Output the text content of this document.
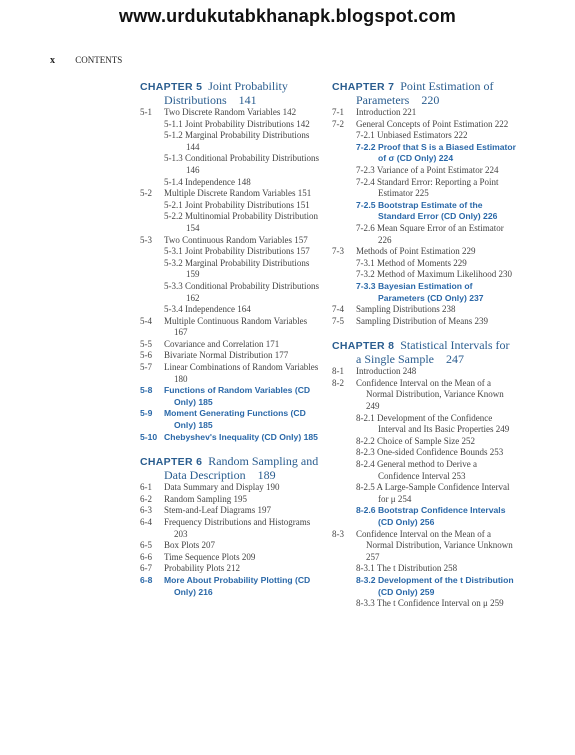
www.urdukutabkhanapk.blogspot.com
x CONTENTS
CHAPTER 5 Joint Probability Distributions   141
5-1	Two Discrete Random Variables 142
5-1.1 Joint Probability Distributions 142
5-1.2 Marginal Probability Distributions 144
5-1.3 Conditional Probability Distributions 146
5-1.4 Independence 148
5-2	Multiple Discrete Random Variables 151
5-2.1 Joint Probability Distributions 151
5-2.2 Multinomial Probability Distribution 154
5-3	Two Continuous Random Variables 157
5-3.1 Joint Probability Distributions 157
5-3.2 Marginal Probability Distributions 159
5-3.3 Conditional Probability Distributions 162
5-3.4 Independence 164
5-4	Multiple Continuous Random Variables 167
5-5	Covariance and Correlation 171
5-6	Bivariate Normal Distribution 177
5-7	Linear Combinations of Random Variables 180
5-8	Functions of Random Variables (CD Only) 185
5-9	Moment Generating Functions (CD Only) 185
5-10 Chebyshev's Inequality (CD Only) 185
CHAPTER 6 Random Sampling and Data Description   189
6-1	Data Summary and Display 190
6-2	Random Sampling 195
6-3	Stem-and-Leaf Diagrams 197
6-4	Frequency Distributions and Histograms 203
6-5	Box Plots 207
6-6	Time Sequence Plots 209
6-7	Probability Plots 212
6-8	More About Probability Plotting (CD Only) 216
CHAPTER 7 Point Estimation of Parameters   220
7-1	Introduction 221
7-2	General Concepts of Point Estimation 222
7-2.1 Unbiased Estimators 222
7-2.2 Proof that S is a Biased Estimator of σ (CD Only) 224
7-2.3 Variance of a Point Estimator 224
7-2.4 Standard Error: Reporting a Point Estimator 225
7-2.5 Bootstrap Estimate of the Standard Error (CD Only) 226
7-2.6 Mean Square Error of an Estimator 226
7-3	Methods of Point Estimation 229
7-3.1 Method of Moments 229
7-3.2 Method of Maximum Likelihood 230
7-3.3 Bayesian Estimation of Parameters (CD Only) 237
7-4	Sampling Distributions 238
7-5	Sampling Distribution of Means 239
CHAPTER 8 Statistical Intervals for a Single Sample   247
8-1	Introduction 248
8-2	Confidence Interval on the Mean of a Normal Distribution, Variance Known 249
8-2.1 Development of the Confidence Interval and Its Basic Properties 249
8-2.2 Choice of Sample Size 252
8-2.3 One-sided Confidence Bounds 253
8-2.4 General method to Derive a Confidence Interval 253
8-2.5 A Large-Sample Confidence Interval for μ 254
8-2.6 Bootstrap Confidence Intervals (CD Only) 256
8-3	Confidence Interval on the Mean of a Normal Distribution, Variance Unknown 257
8-3.1 The t Distribution 258
8-3.2 Development of the t Distribution (CD Only) 259
8-3.3 The t Confidence Interval on μ 259
